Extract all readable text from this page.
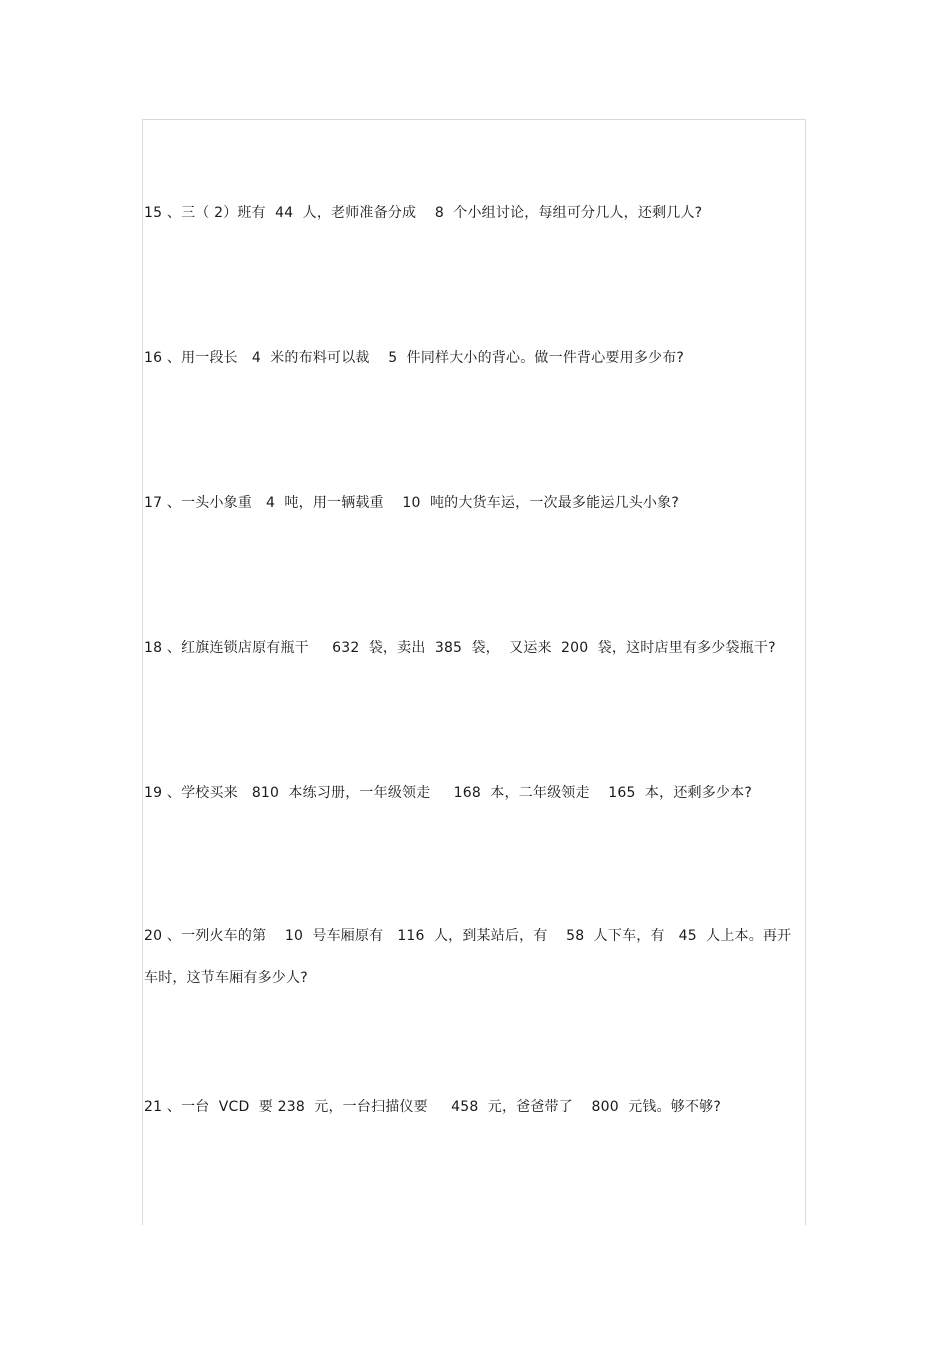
15 、三（ 2）班有  44  人，老师准备分成    8  个小组讨论，每组可分几人，还剩几人?

16 、用一段长   4  米的布料可以裁    5  件同样大小的背心。做一件背心要用多少布?

17 、一头小象重   4  吨，用一辆载重    10  吨的大货车运，一次最多能运几头小象?

18 、红旗连锁店原有瓶干     632  袋，卖出  385  袋，  又运来  200  袋，这时店里有多少袋瓶干?

19 、学校买来   810  本练习册，一年级领走     168  本，二年级领走    165  本，还剩多少本?

20 、一列火车的第    10  号车厢原有   116  人，到某站后，有    58  人下车，有   45  人上本。再开车时，这节车厢有多少人?

21 、一台  VCD  要 238  元，一台扫描仪要     458  元，爸爸带了    800  元钱。够不够?
